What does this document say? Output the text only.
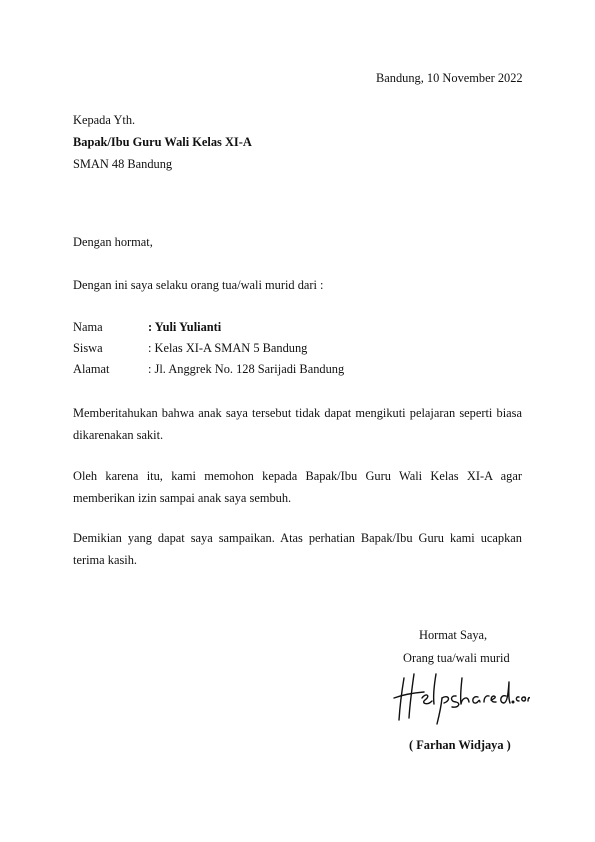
Bandung, 10 November 2022
Kepada Yth.
Bapak/Ibu Guru Wali Kelas XI-A
SMAN 48 Bandung
Dengan hormat,
Dengan ini saya selaku orang tua/wali murid dari :
Nama	: Yuli Yulianti
Siswa	: Kelas XI-A SMAN 5 Bandung
Alamat	: Jl. Anggrek No. 128 Sarijadi Bandung
Memberitahukan bahwa anak saya tersebut tidak dapat mengikuti pelajaran seperti biasa dikarenakan sakit.
Oleh karena itu, kami memohon kepada Bapak/Ibu Guru Wali Kelas XI-A agar memberikan izin sampai anak saya sembuh.
Demikian yang dapat saya sampaikan. Atas perhatian Bapak/Ibu Guru kami ucapkan terima kasih.
Hormat Saya,
Orang tua/wali murid
( Farhan Widjaya )
